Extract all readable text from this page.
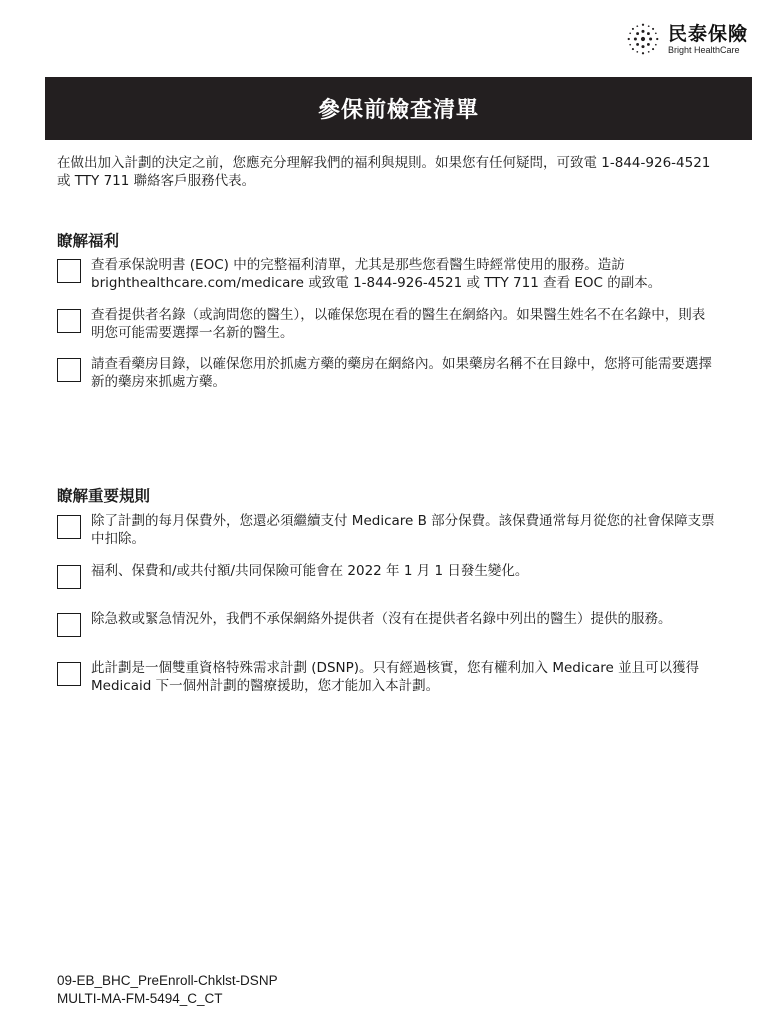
民泰保險
Bright HealthCare
參保前檢查清單
在做出加入計劃的決定之前，您應充分理解我們的福利與規則。如果您有任何疑問，可致電 1-844-926-4521 或 TTY 711 聯絡客戶服務代表。
瞭解福利
查看承保說明書 (EOC) 中的完整福利清單，尤其是那些您看醫生時經常使用的服務。造訪 brighthealthcare.com/medicare 或致電 1-844-926-4521 或 TTY 711 查看 EOC 的副本。
查看提供者名錄（或詢問您的醫生），以確保您現在看的醫生在網絡內。如果醫生姓名不在名錄中，則表明您可能需要選擇一名新的醫生。
請查看藥房目錄，以確保您用於抓處方藥的藥房在網絡內。如果藥房名稱不在目錄中，您將可能需要選擇新的藥房來抓處方藥。
瞭解重要規則
除了計劃的每月保費外，您還必須繼續支付 Medicare B 部分保費。該保費通常每月從您的社會保障支票中扣除。
福利、保費和/或共付額/共同保險可能會在 2022 年 1 月 1 日發生變化。
除急救或緊急情況外，我們不承保網絡外提供者（沒有在提供者名錄中列出的醫生）提供的服務。
此計劃是一個雙重資格特殊需求計劃 (DSNP)。只有經過核實，您有權利加入 Medicare 並且可以獲得 Medicaid 下一個州計劃的醫療援助，您才能加入本計劃。
09-EB_BHC_PreEnroll-Chklst-DSNP
MULTI-MA-FM-5494_C_CT
